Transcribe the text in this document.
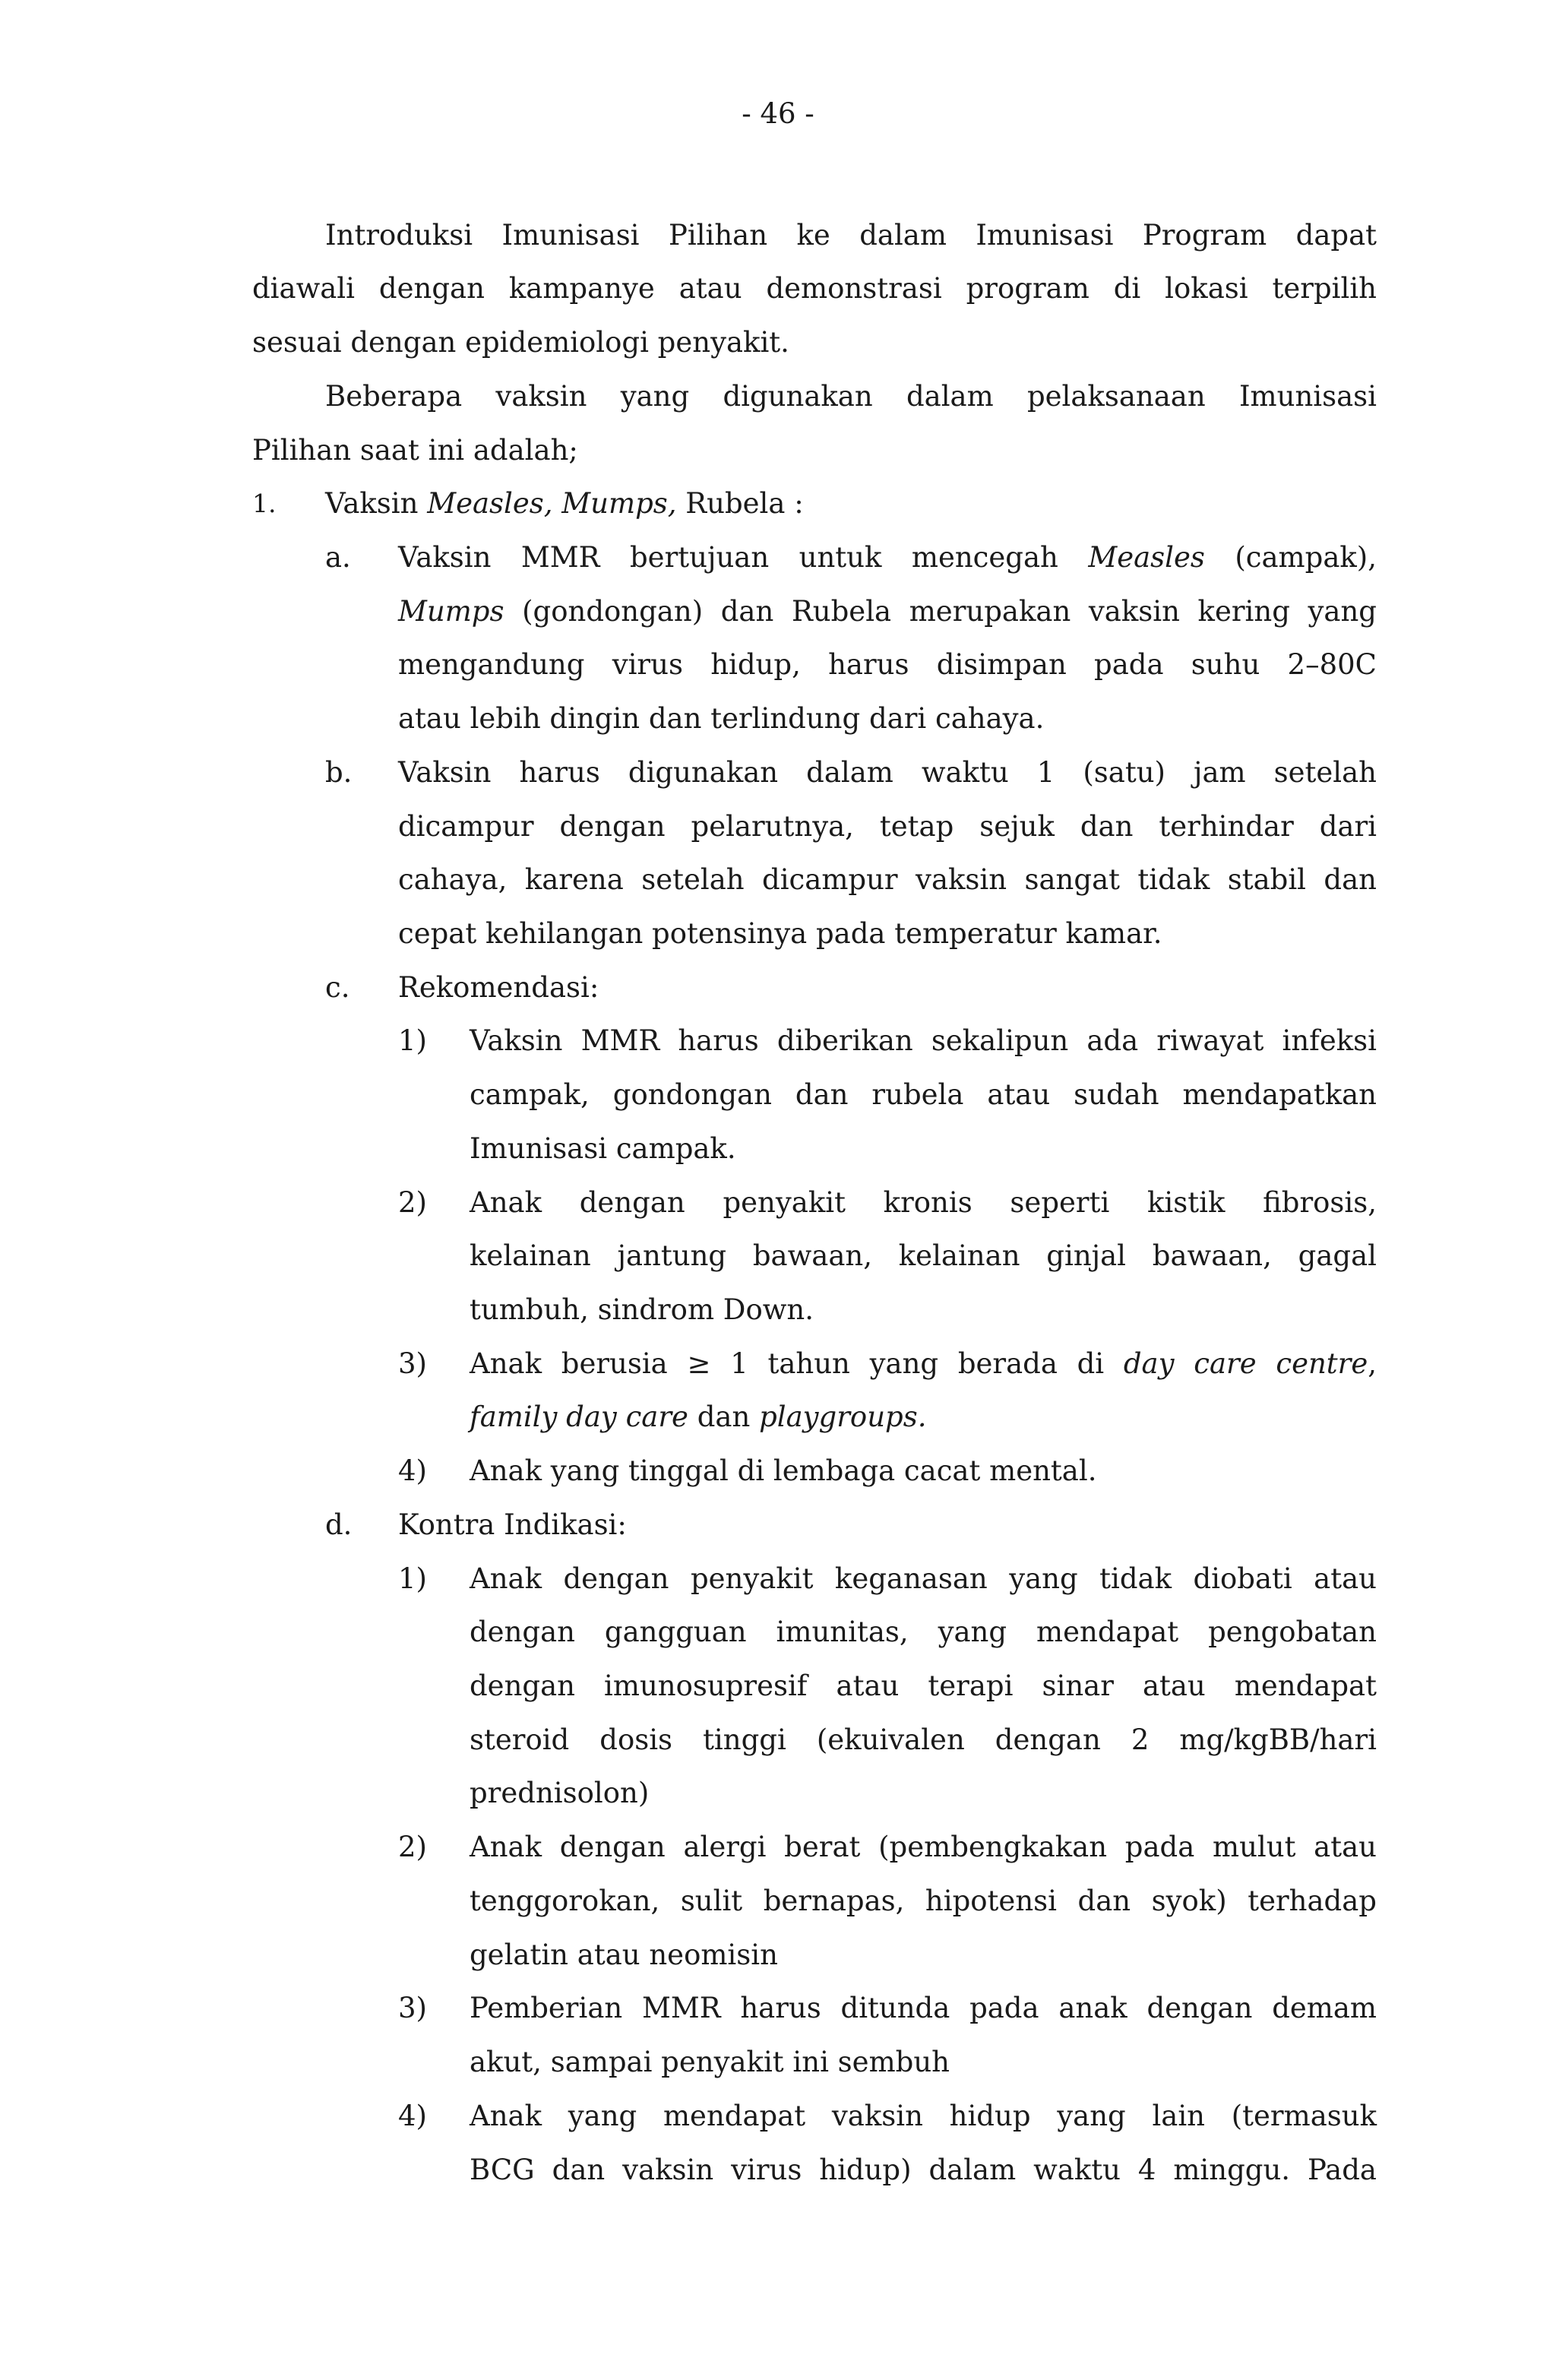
- 46 -
Introduksi Imunisasi Pilihan ke dalam Imunisasi Program dapat
diawali dengan kampanye atau demonstrasi program di lokasi terpilih
sesuai dengan epidemiologi penyakit.
Beberapa vaksin yang digunakan dalam pelaksanaan Imunisasi
Pilihan saat ini adalah;
1.	Vaksin Measles, Mumps, Rubela :
a.	Vaksin MMR bertujuan untuk mencegah Measles (campak),
Mumps (gondongan) dan Rubela merupakan vaksin kering yang
mengandung virus hidup, harus disimpan pada suhu 2–80C
atau lebih dingin dan terlindung dari cahaya.
b.	Vaksin harus digunakan dalam waktu 1 (satu) jam setelah
dicampur dengan pelarutnya, tetap sejuk dan terhindar dari
cahaya, karena setelah dicampur vaksin sangat tidak stabil dan
cepat kehilangan potensinya pada temperatur kamar.
c.	Rekomendasi:
1)	Vaksin MMR harus diberikan sekalipun ada riwayat infeksi
campak, gondongan dan rubela atau sudah mendapatkan
Imunisasi campak.
2)	Anak dengan penyakit kronis seperti kistik fibrosis,
kelainan jantung bawaan, kelainan ginjal bawaan, gagal
tumbuh, sindrom Down.
3)	Anak berusia ≥ 1 tahun yang berada di day care centre,
family day care dan playgroups.
4)	Anak yang tinggal di lembaga cacat mental.
d.	Kontra Indikasi:
1)	Anak dengan penyakit keganasan yang tidak diobati atau
dengan gangguan imunitas, yang mendapat pengobatan
dengan imunosupresif atau terapi sinar atau mendapat
steroid dosis tinggi (ekuivalen dengan 2 mg/kgBB/hari
prednisolon)
2)	Anak dengan alergi berat (pembengkakan pada mulut atau
tenggorokan, sulit bernapas, hipotensi dan syok) terhadap
gelatin atau neomisin
3)	Pemberian MMR harus ditunda pada anak dengan demam
akut, sampai penyakit ini sembuh
4)	Anak yang mendapat vaksin hidup yang lain (termasuk
BCG dan vaksin virus hidup) dalam waktu 4 minggu. Pada
